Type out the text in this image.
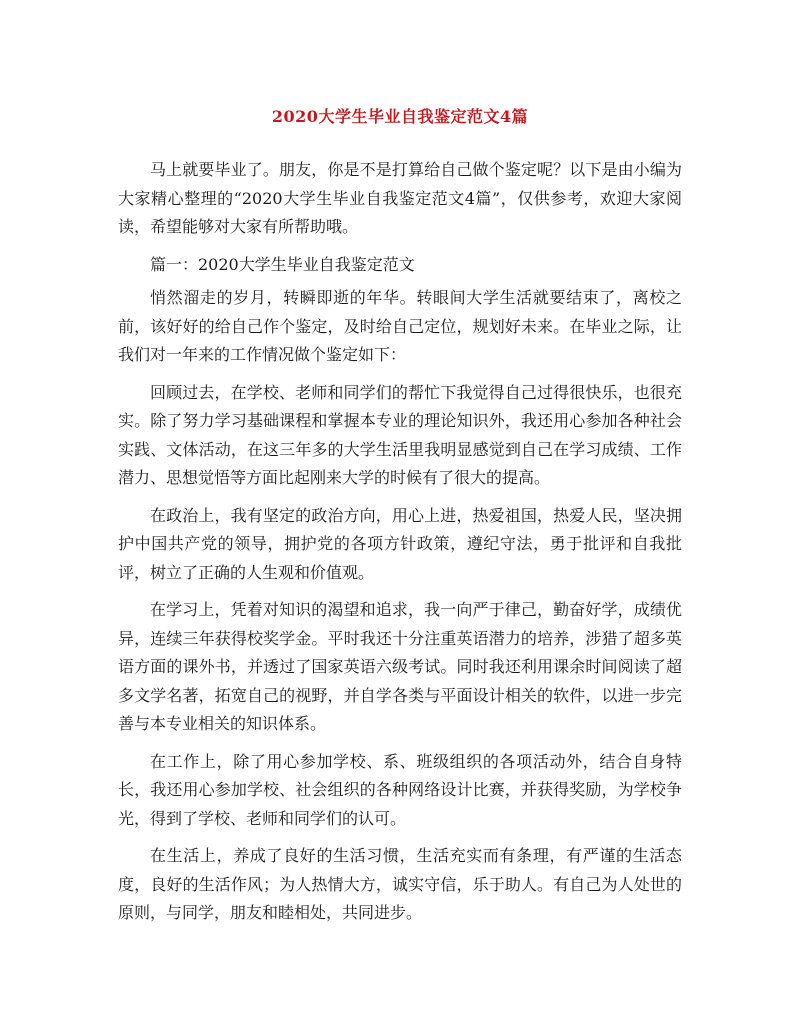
2020大学生毕业自我鉴定范文4篇

马上就要毕业了。朋友，你是不是打算给自己做个鉴定呢？以下是由小编为大家精心整理的“2020大学生毕业自我鉴定范文4篇”，仅供参考，欢迎大家阅读，希望能够对大家有所帮助哦。

篇一：2020大学生毕业自我鉴定范文

悄然溜走的岁月，转瞬即逝的年华。转眼间大学生活就要结束了，离校之前，该好好的给自己作个鉴定，及时给自己定位，规划好未来。在毕业之际，让我们对一年来的工作情况做个鉴定如下：

回顾过去，在学校、老师和同学们的帮忙下我觉得自己过得很快乐，也很充实。除了努力学习基础课程和掌握本专业的理论知识外，我还用心参加各种社会实践、文体活动，在这三年多的大学生活里我明显感觉到自己在学习成绩、工作潜力、思想觉悟等方面比起刚来大学的时候有了很大的提高。

在政治上，我有坚定的政治方向，用心上进，热爱祖国，热爱人民，坚决拥护中国共产党的领导，拥护党的各项方针政策，遵纪守法，勇于批评和自我批评，树立了正确的人生观和价值观。

在学习上，凭着对知识的渴望和追求，我一向严于律己，勤奋好学，成绩优异，连续三年获得校奖学金。平时我还十分注重英语潜力的培养，涉猎了超多英语方面的课外书，并透过了国家英语六级考试。同时我还利用课余时间阅读了超多文学名著，拓宽自己的视野，并自学各类与平面设计相关的软件，以进一步完善与本专业相关的知识体系。

在工作上，除了用心参加学校、系、班级组织的各项活动外，结合自身特长，我还用心参加学校、社会组织的各种网络设计比赛，并获得奖励，为学校争光，得到了学校、老师和同学们的认可。

在生活上，养成了良好的生活习惯，生活充实而有条理，有严谨的生活态度，良好的生活作风；为人热情大方，诚实守信，乐于助人。有自己为人处世的原则，与同学，朋友和睦相处，共同进步。
